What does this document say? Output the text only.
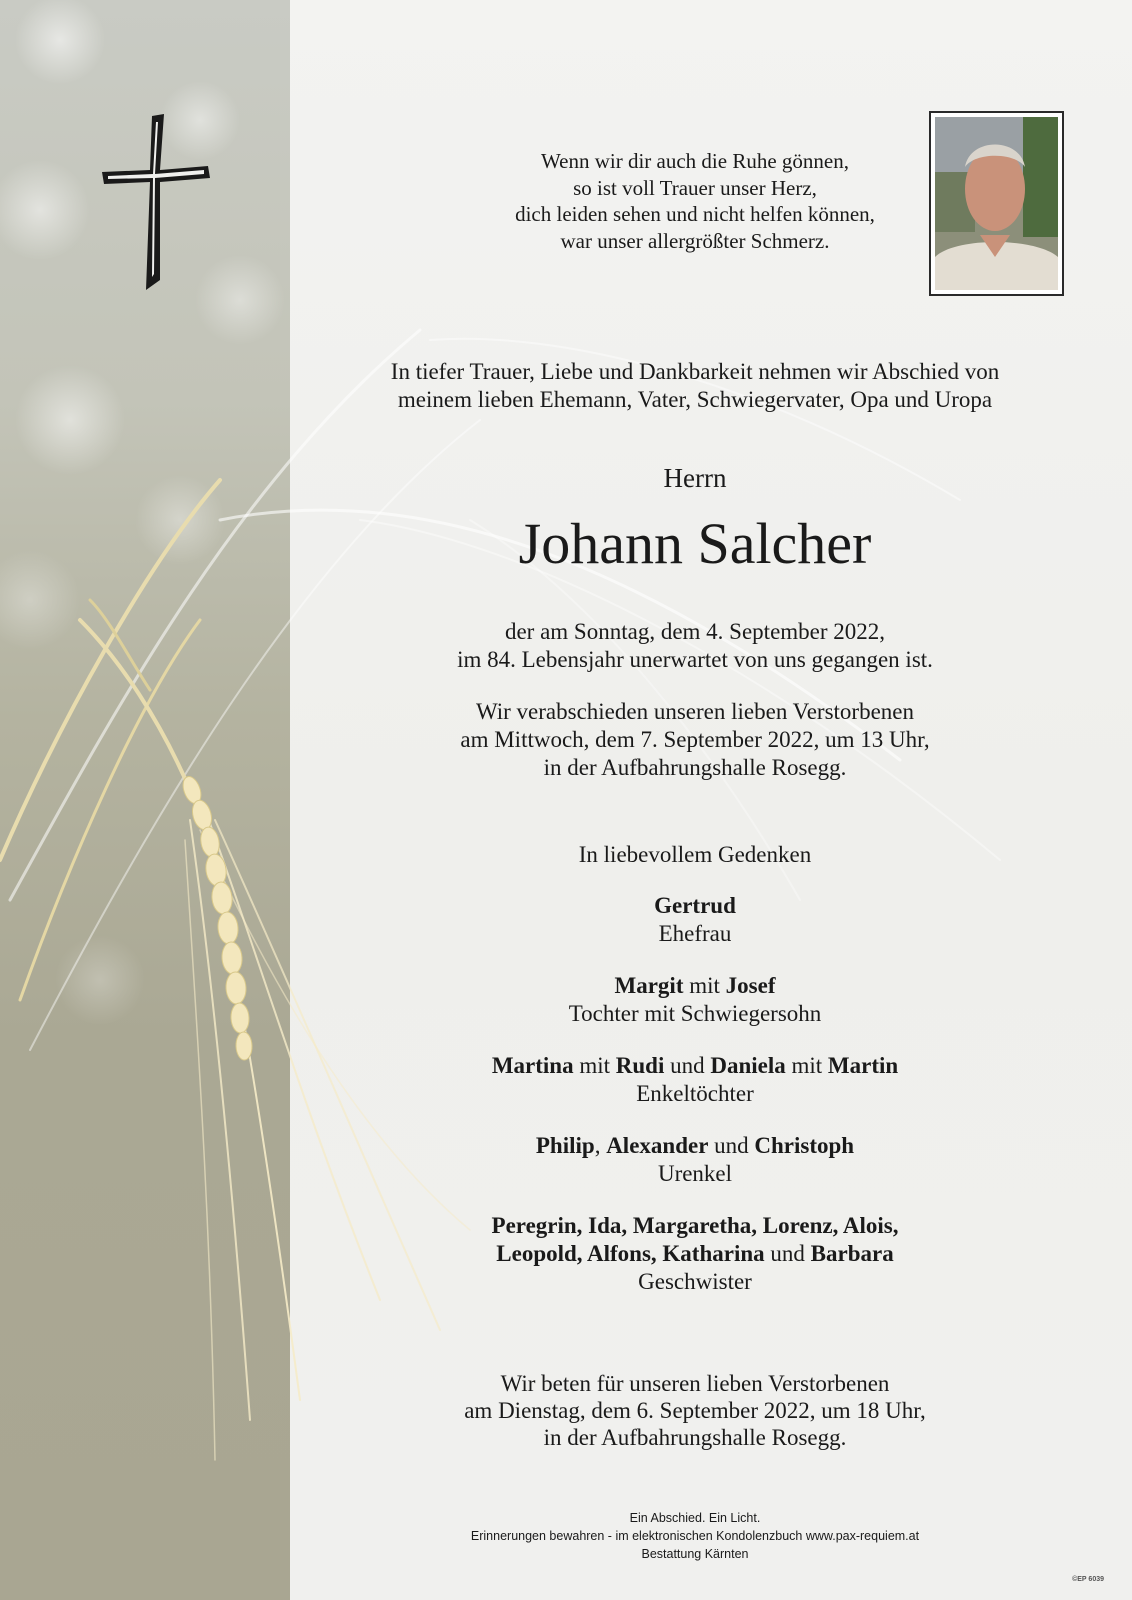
Wenn wir dir auch die Ruhe gönnen,
so ist voll Trauer unser Herz,
dich leiden sehen und nicht helfen können,
war unser allergrößter Schmerz.
In tiefer Trauer, Liebe und Dankbarkeit nehmen wir Abschied von
meinem lieben Ehemann, Vater, Schwiegervater, Opa und Uropa
Herrn
Johann Salcher
der am Sonntag, dem 4. September 2022,
im 84. Lebensjahr unerwartet von uns gegangen ist.
Wir verabschieden unseren lieben Verstorbenen
am Mittwoch, dem 7. September 2022, um 13 Uhr,
in der Aufbahrungshalle Rosegg.
In liebevollem Gedenken
Gertrud
Ehefrau
Margit mit Josef
Tochter mit Schwiegersohn
Martina mit Rudi und Daniela mit Martin
Enkeltöchter
Philip, Alexander und Christoph
Urenkel
Peregrin, Ida, Margaretha, Lorenz, Alois,
Leopold, Alfons, Katharina und Barbara
Geschwister
Wir beten für unseren lieben Verstorbenen
am Dienstag, dem 6. September 2022, um 18 Uhr,
in der Aufbahrungshalle Rosegg.
Ein Abschied. Ein Licht.
Erinnerungen bewahren - im elektronischen Kondolenzbuch www.pax-requiem.at
Bestattung Kärnten
©EP 6039
